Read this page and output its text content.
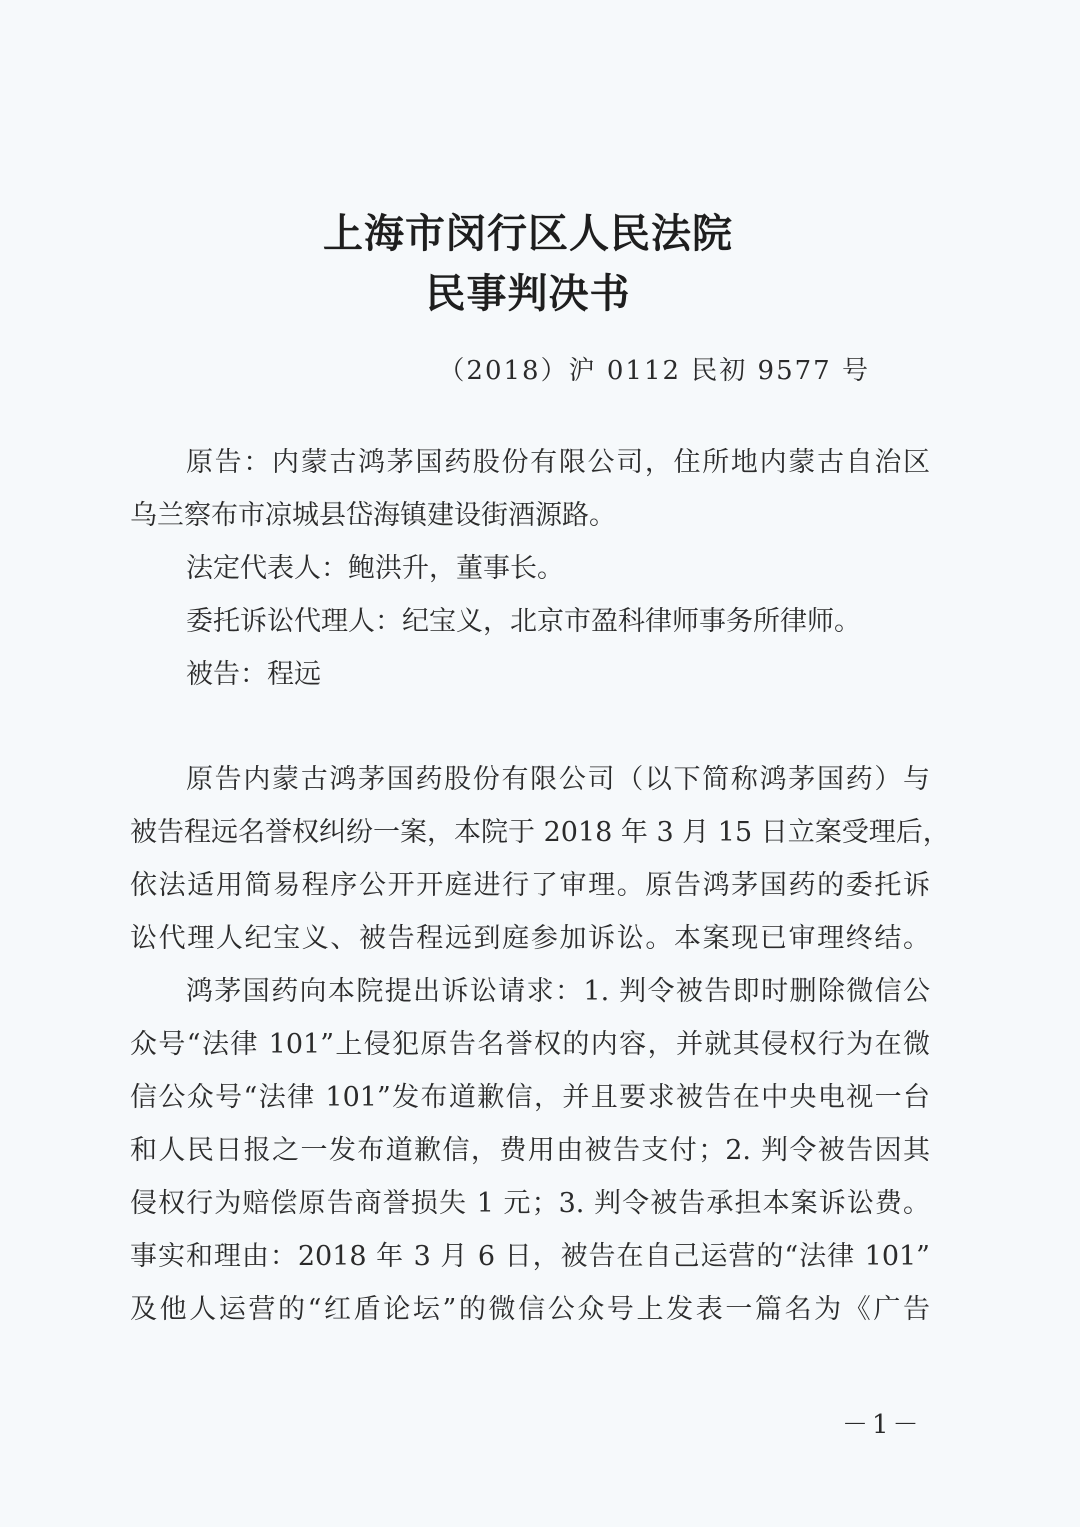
上海市闵行区人民法院
民事判决书
（2018）沪 0112 民初 9577 号
原告：内蒙古鸿茅国药股份有限公司，住所地内蒙古自治区
乌兰察布市凉城县岱海镇建设街酒源路。
法定代表人：鲍洪升，董事长。
委托诉讼代理人：纪宝义，北京市盈科律师事务所律师。
被告：程远
原告内蒙古鸿茅国药股份有限公司（以下简称鸿茅国药）与
被告程远名誉权纠纷一案，本院于 2018 年 3 月 15 日立案受理后，
依法适用简易程序公开开庭进行了审理。原告鸿茅国药的委托诉
讼代理人纪宝义、被告程远到庭参加诉讼。本案现已审理终结。
鸿茅国药向本院提出诉讼请求：1. 判令被告即时删除微信公
众号“法律 101”上侵犯原告名誉权的内容，并就其侵权行为在微
信公众号“法律 101”发布道歉信，并且要求被告在中央电视一台
和人民日报之一发布道歉信，费用由被告支付；2. 判令被告因其
侵权行为赔偿原告商誉损失 1 元；3. 判令被告承担本案诉讼费。
事实和理由：2018 年 3 月 6 日，被告在自己运营的“法律 101”
及他人运营的“红盾论坛”的微信公众号上发表一篇名为《广告
－1－
